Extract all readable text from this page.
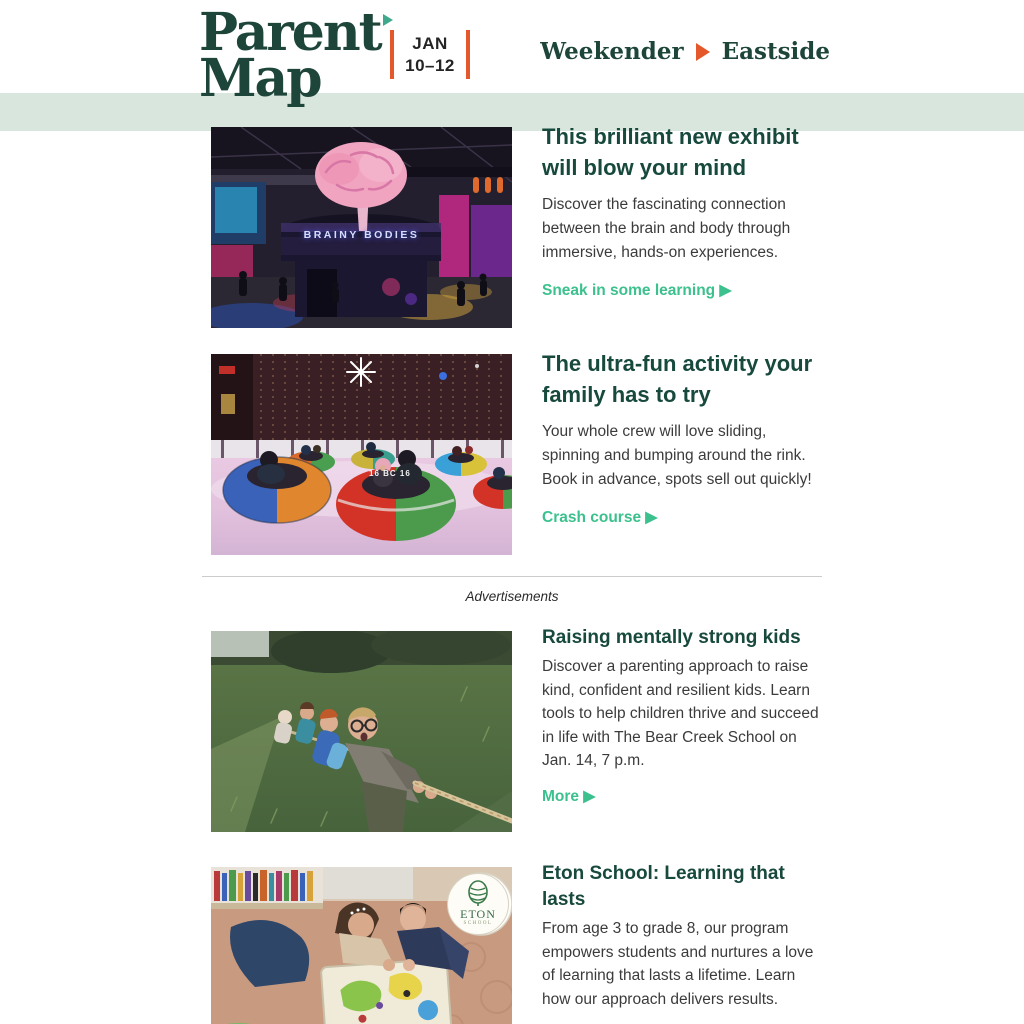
Parent
Map
JAN
10–12	Weekender Eastside
BRAINY BODIES
This brilliant new exhibit will blow your mind

Discover the fascinating connection between the brain and body through immersive, hands-on experiences.

Sneak in some learning ▶
16 BC 16
The ultra-fun activity your family has to try

Your whole crew will love sliding, spinning and bumping around the rink. Book in advance, spots sell out quickly!

Crash course ▶
Advertisements
Raising mentally strong kids

Discover a parenting approach to raise kind, confident and resilient kids. Learn tools to help children thrive and succeed in life with The Bear Creek School on Jan. 14, 7 p.m.

More ▶
ETON
SCHOOL
Eton School: Learning that lasts

From age 3 to grade 8, our program empowers students and nurtures a love of learning that lasts a lifetime. Learn how our approach delivers results.
